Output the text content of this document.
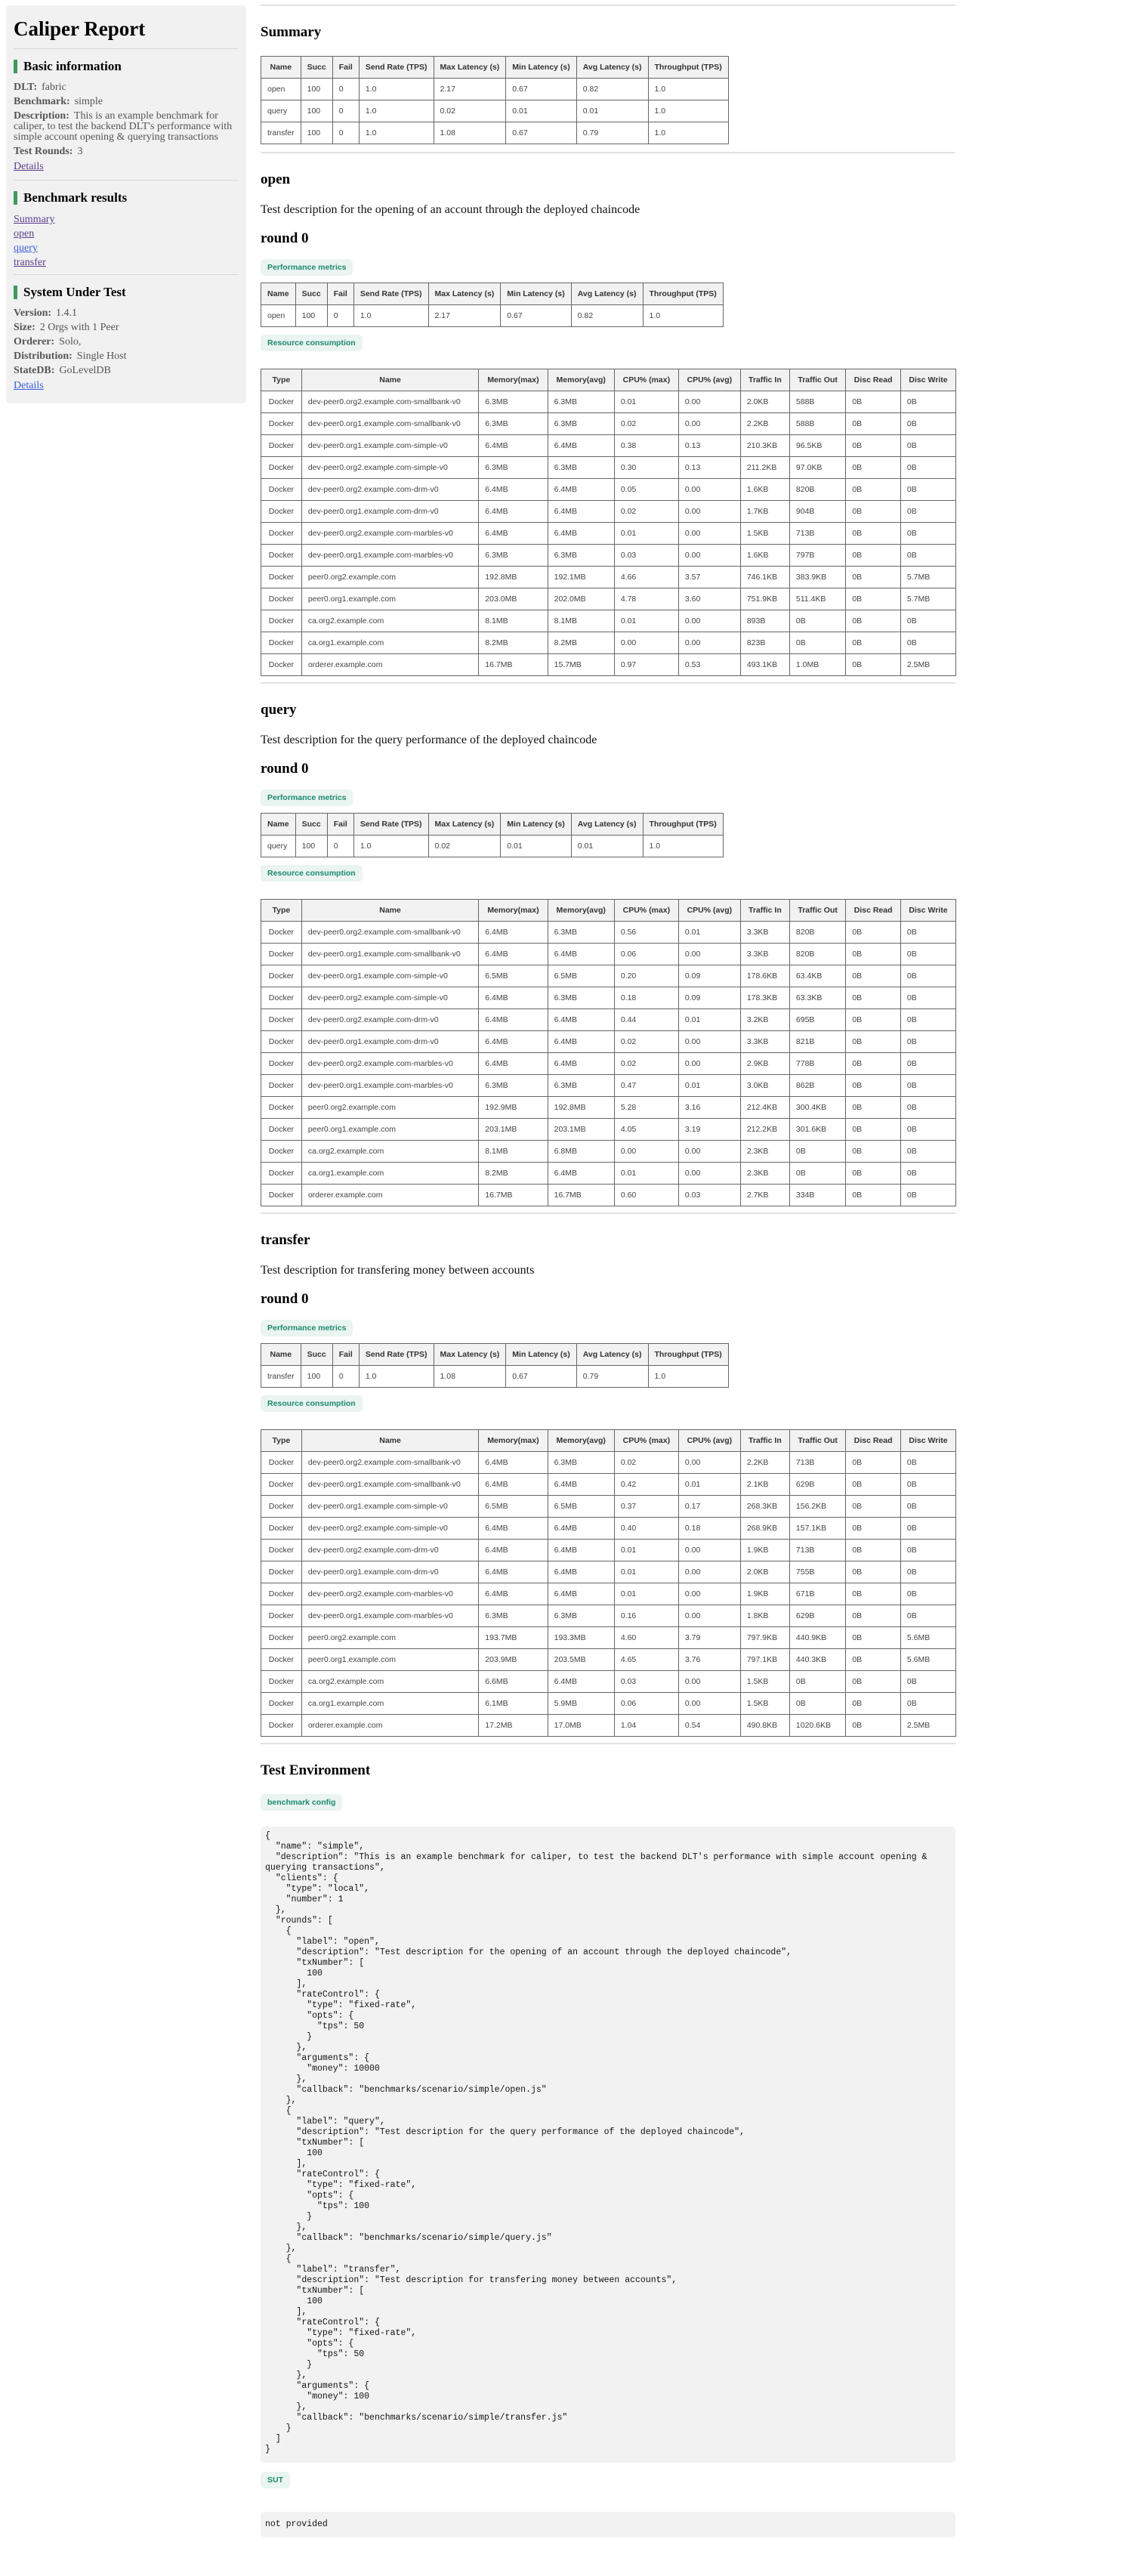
Caliper Report
Basic information

DLT: fabric

Benchmark: simple

Description: This is an example benchmark for caliper, to test the backend DLT's performance with simple account opening & querying transactions

Test Rounds: 3

Details
Benchmark results
Summary
open
query
transfer
System Under Test

Version: 1.4.1

Size: 2 Orgs with 1 Peer

Orderer: Solo,

Distribution: Single Host

StateDB: GoLevelDB

Details
Summary
Name	Succ	Fail	Send Rate (TPS)	Max Latency (s)	Min Latency (s)	Avg Latency (s)	Throughput (TPS)
open	100	0	1.0	2.17	0.67	0.82	1.0
query	100	0	1.0	0.02	0.01	0.01	1.0
transfer	100	0	1.0	1.08	0.67	0.79	1.0
open

Test description for the opening of an account through the deployed chaincode

round 0
Performance metrics
Name	Succ	Fail	Send Rate (TPS)	Max Latency (s)	Min Latency (s)	Avg Latency (s)	Throughput (TPS)
open	100	0	1.0	2.17	0.67	0.82	1.0
Resource consumption
Type	Name	Memory(max)	Memory(avg)	CPU% (max)	CPU% (avg)	Traffic In	Traffic Out	Disc Read	Disc Write
Docker	dev-peer0.org2.example.com-smallbank-v0	6.3MB	6.3MB	0.01	0.00	2.0KB	588B	0B	0B
Docker	dev-peer0.org1.example.com-smallbank-v0	6.3MB	6.3MB	0.02	0.00	2.2KB	588B	0B	0B
Docker	dev-peer0.org1.example.com-simple-v0	6.4MB	6.4MB	0.38	0.13	210.3KB	96.5KB	0B	0B
Docker	dev-peer0.org2.example.com-simple-v0	6.3MB	6.3MB	0.30	0.13	211.2KB	97.0KB	0B	0B
Docker	dev-peer0.org2.example.com-drm-v0	6.4MB	6.4MB	0.05	0.00	1.6KB	820B	0B	0B
Docker	dev-peer0.org1.example.com-drm-v0	6.4MB	6.4MB	0.02	0.00	1.7KB	904B	0B	0B
Docker	dev-peer0.org2.example.com-marbles-v0	6.4MB	6.4MB	0.01	0.00	1.5KB	713B	0B	0B
Docker	dev-peer0.org1.example.com-marbles-v0	6.3MB	6.3MB	0.03	0.00	1.6KB	797B	0B	0B
Docker	peer0.org2.example.com	192.8MB	192.1MB	4.66	3.57	746.1KB	383.9KB	0B	5.7MB
Docker	peer0.org1.example.com	203.0MB	202.0MB	4.78	3.60	751.9KB	511.4KB	0B	5.7MB
Docker	ca.org2.example.com	8.1MB	8.1MB	0.01	0.00	893B	0B	0B	0B
Docker	ca.org1.example.com	8.2MB	8.2MB	0.00	0.00	823B	0B	0B	0B
Docker	orderer.example.com	16.7MB	15.7MB	0.97	0.53	493.1KB	1.0MB	0B	2.5MB
query

Test description for the query performance of the deployed chaincode

round 0
Performance metrics
Name	Succ	Fail	Send Rate (TPS)	Max Latency (s)	Min Latency (s)	Avg Latency (s)	Throughput (TPS)
query	100	0	1.0	0.02	0.01	0.01	1.0
Resource consumption
Type	Name	Memory(max)	Memory(avg)	CPU% (max)	CPU% (avg)	Traffic In	Traffic Out	Disc Read	Disc Write
Docker	dev-peer0.org2.example.com-smallbank-v0	6.4MB	6.3MB	0.56	0.01	3.3KB	820B	0B	0B
Docker	dev-peer0.org1.example.com-smallbank-v0	6.4MB	6.4MB	0.06	0.00	3.3KB	820B	0B	0B
Docker	dev-peer0.org1.example.com-simple-v0	6.5MB	6.5MB	0.20	0.09	178.6KB	63.4KB	0B	0B
Docker	dev-peer0.org2.example.com-simple-v0	6.4MB	6.3MB	0.18	0.09	178.3KB	63.3KB	0B	0B
Docker	dev-peer0.org2.example.com-drm-v0	6.4MB	6.4MB	0.44	0.01	3.2KB	695B	0B	0B
Docker	dev-peer0.org1.example.com-drm-v0	6.4MB	6.4MB	0.02	0.00	3.3KB	821B	0B	0B
Docker	dev-peer0.org2.example.com-marbles-v0	6.4MB	6.4MB	0.02	0.00	2.9KB	778B	0B	0B
Docker	dev-peer0.org1.example.com-marbles-v0	6.3MB	6.3MB	0.47	0.01	3.0KB	862B	0B	0B
Docker	peer0.org2.example.com	192.9MB	192.8MB	5.28	3.16	212.4KB	300.4KB	0B	0B
Docker	peer0.org1.example.com	203.1MB	203.1MB	4.05	3.19	212.2KB	301.6KB	0B	0B
Docker	ca.org2.example.com	8.1MB	6.8MB	0.00	0.00	2.3KB	0B	0B	0B
Docker	ca.org1.example.com	8.2MB	6.4MB	0.01	0.00	2.3KB	0B	0B	0B
Docker	orderer.example.com	16.7MB	16.7MB	0.60	0.03	2.7KB	334B	0B	0B
transfer

Test description for transfering money between accounts

round 0
Performance metrics
Name	Succ	Fail	Send Rate (TPS)	Max Latency (s)	Min Latency (s)	Avg Latency (s)	Throughput (TPS)
transfer	100	0	1.0	1.08	0.67	0.79	1.0
Resource consumption
Type	Name	Memory(max)	Memory(avg)	CPU% (max)	CPU% (avg)	Traffic In	Traffic Out	Disc Read	Disc Write
Docker	dev-peer0.org2.example.com-smallbank-v0	6.4MB	6.3MB	0.02	0.00	2.2KB	713B	0B	0B
Docker	dev-peer0.org1.example.com-smallbank-v0	6.4MB	6.4MB	0.42	0.01	2.1KB	629B	0B	0B
Docker	dev-peer0.org1.example.com-simple-v0	6.5MB	6.5MB	0.37	0.17	268.3KB	156.2KB	0B	0B
Docker	dev-peer0.org2.example.com-simple-v0	6.4MB	6.4MB	0.40	0.18	268.9KB	157.1KB	0B	0B
Docker	dev-peer0.org2.example.com-drm-v0	6.4MB	6.4MB	0.01	0.00	1.9KB	713B	0B	0B
Docker	dev-peer0.org1.example.com-drm-v0	6.4MB	6.4MB	0.01	0.00	2.0KB	755B	0B	0B
Docker	dev-peer0.org2.example.com-marbles-v0	6.4MB	6.4MB	0.01	0.00	1.9KB	671B	0B	0B
Docker	dev-peer0.org1.example.com-marbles-v0	6.3MB	6.3MB	0.16	0.00	1.8KB	629B	0B	0B
Docker	peer0.org2.example.com	193.7MB	193.3MB	4.60	3.79	797.9KB	440.9KB	0B	5.6MB
Docker	peer0.org1.example.com	203.9MB	203.5MB	4.65	3.76	797.1KB	440.3KB	0B	5.6MB
Docker	ca.org2.example.com	6.6MB	6.4MB	0.03	0.00	1.5KB	0B	0B	0B
Docker	ca.org1.example.com	6.1MB	5.9MB	0.06	0.00	1.5KB	0B	0B	0B
Docker	orderer.example.com	17.2MB	17.0MB	1.04	0.54	490.8KB	1020.6KB	0B	2.5MB
Test Environment
benchmark config
{
"name": "simple",
"description": "This is an example benchmark for caliper, to test the backend DLT's performance with simple account opening & querying transactions",
"clients": {
"type": "local",
"number": 1
},
"rounds": [
{
"label": "open",
"description": "Test description for the opening of an account through the deployed chaincode",
"txNumber": [
100
],
"rateControl": {
"type": "fixed-rate",
"opts": {
"tps": 50
}
},
"arguments": {
"money": 10000
},
"callback": "benchmarks/scenario/simple/open.js"
},
{
"label": "query",
"description": "Test description for the query performance of the deployed chaincode",
"txNumber": [
100
],
"rateControl": {
"type": "fixed-rate",
"opts": {
"tps": 100
}
},
"callback": "benchmarks/scenario/simple/query.js"
},
{
"label": "transfer",
"description": "Test description for transfering money between accounts",
"txNumber": [
100
],
"rateControl": {
"type": "fixed-rate",
"opts": {
"tps": 50
}
},
"arguments": {
"money": 100
},
"callback": "benchmarks/scenario/simple/transfer.js"
}
]
}
SUT
not provided
